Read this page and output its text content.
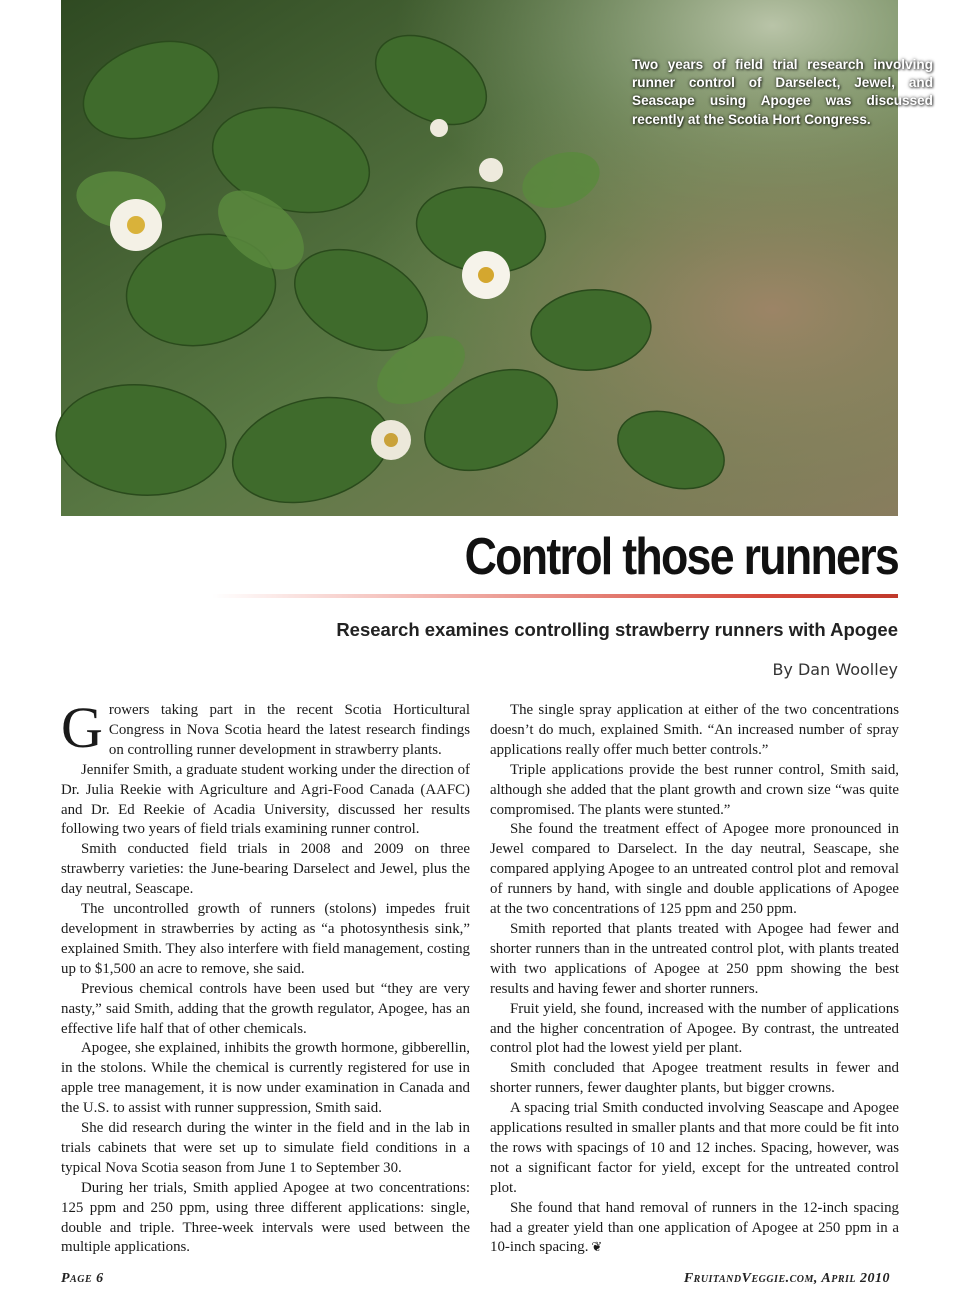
Two years of field trial research involving runner control of Darselect, Jewel, and Seascape using Apogee was discussed recently at the Scotia Hort Congress.
Control those runners
Research examines controlling strawberry runners with Apogee
By Dan Woolley

Growers taking part in the recent Scotia Horticultural Congress in Nova Scotia heard the latest research findings on controlling runner development in strawberry plants.

Jennifer Smith, a graduate student working under the direction of Dr. Julia Reekie with Agriculture and Agri-Food Canada (AAFC) and Dr. Ed Reekie of Acadia University, discussed her results following two years of field trials examining runner control.

Smith conducted field trials in 2008 and 2009 on three strawberry varieties: the June-bearing Darselect and Jewel, plus the day neutral, Seascape.

The uncontrolled growth of runners (stolons) impedes fruit development in strawberries by acting as “a photosynthesis sink,” explained Smith. They also interfere with field management, costing up to $1,500 an acre to remove, she said.

Previous chemical controls have been used but “they are very nasty,” said Smith, adding that the growth regulator, Apogee, has an effective life half that of other chemicals.

Apogee, she explained, inhibits the growth hormone, gibberellin, in the stolons. While the chemical is currently registered for use in apple tree management, it is now under examination in Canada and the U.S. to assist with runner suppression, Smith said.

She did research during the winter in the field and in the lab in trials cabinets that were set up to simulate field conditions in a typical Nova Scotia season from June 1 to September 30.

During her trials, Smith applied Apogee at two concentrations: 125 ppm and 250 ppm, using three different applications: single, double and triple. Three-week intervals were used between the multiple applications.

The single spray application at either of the two concentrations doesn’t do much, explained Smith. “An increased number of spray applications really offer much better controls.”

Triple applications provide the best runner control, Smith said, although she added that the plant growth and crown size “was quite compromised. The plants were stunted.”

She found the treatment effect of Apogee more pronounced in Jewel compared to Darselect. In the day neutral, Seascape, she compared applying Apogee to an untreated control plot and removal of runners by hand, with single and double applications of Apogee at the two concentrations of 125 ppm and 250 ppm.

Smith reported that plants treated with Apogee had fewer and shorter runners than in the untreated control plot, with plants treated with two applications of Apogee at 250 ppm showing the best results and having fewer and shorter runners.

Fruit yield, she found, increased with the number of applications and the higher concentration of Apogee. By contrast, the untreated control plot had the lowest yield per plant.

Smith concluded that Apogee treatment results in fewer and shorter runners, fewer daughter plants, but bigger crowns.

A spacing trial Smith conducted involving Seascape and Apogee applications resulted in smaller plants and that more could be fit into the rows with spacings of 10 and 12 inches. Spacing, however, was not a significant factor for yield, except for the untreated control plot.

She found that hand removal of runners in the 12-inch spacing had a greater yield than one application of Apogee at 250 ppm in a 10-inch spacing. ❦

Page 6	FruitandVeggie.com, April 2010
